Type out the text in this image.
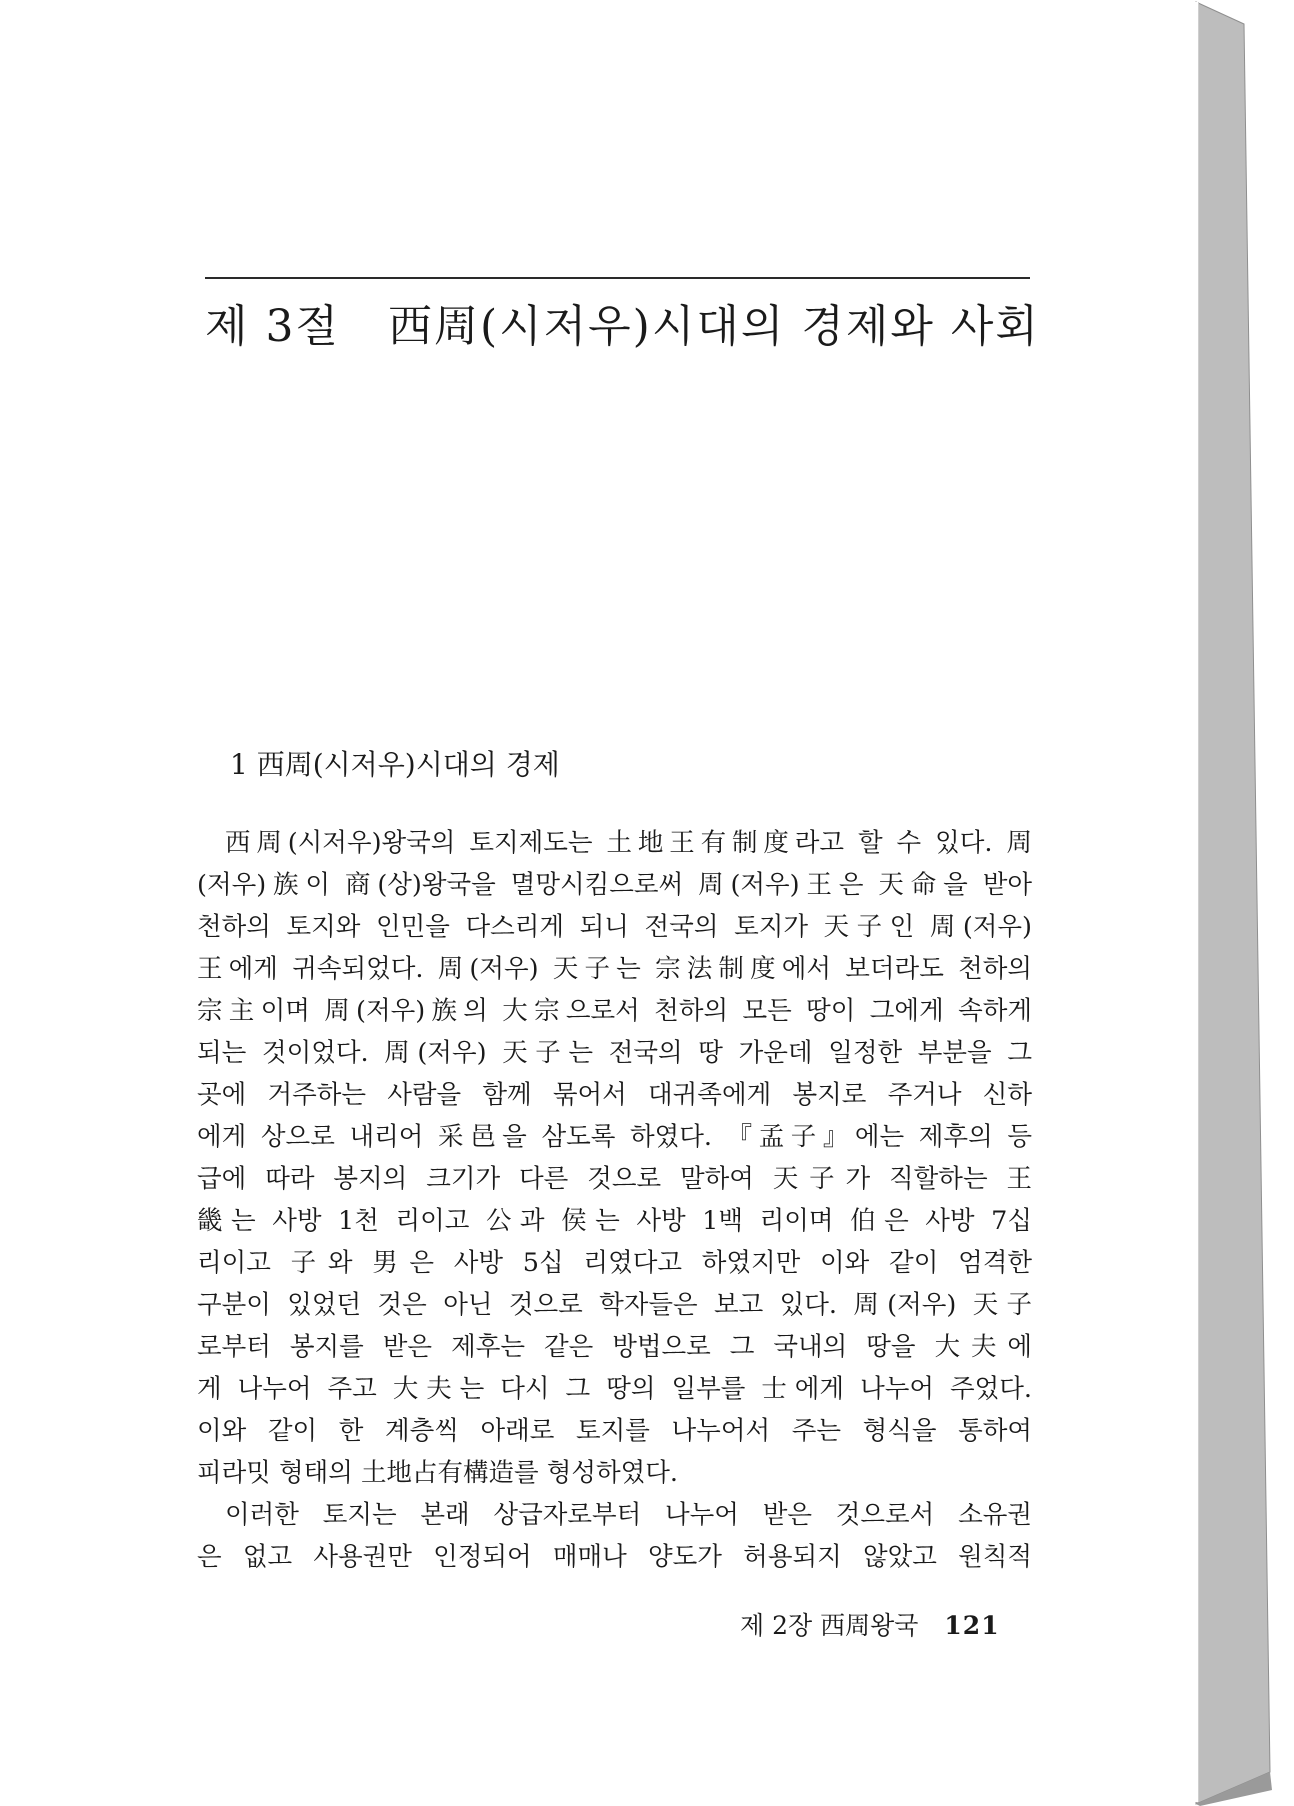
제 3절 西周(시저우)시대의 경제와 사회
1 西周(시저우)시대의 경제
西周(시저우)왕국의 토지제도는 土地王有制度라고 할 수 있다. 周
(저우)族이 商(상)왕국을 멸망시킴으로써 周(저우)王은 天命을 받아
천하의 토지와 인민을 다스리게 되니 전국의 토지가 天子인 周(저우)
王에게 귀속되었다. 周(저우) 天子는 宗法制度에서 보더라도 천하의
宗主이며 周(저우)族의 大宗으로서 천하의 모든 땅이 그에게 속하게
되는 것이었다. 周(저우) 天子는 전국의 땅 가운데 일정한 부분을 그
곳에 거주하는 사람을 함께 묶어서 대귀족에게 봉지로 주거나 신하
에게 상으로 내리어 采邑을 삼도록 하였다. 『孟子』에는 제후의 등
급에 따라 봉지의 크기가 다른 것으로 말하여 天子가 직할하는 王
畿는 사방 1천 리이고 公과 侯는 사방 1백 리이며 伯은 사방 7십
리이고 子와 男은 사방 5십 리였다고 하였지만 이와 같이 엄격한
구분이 있었던 것은 아닌 것으로 학자들은 보고 있다. 周(저우) 天子
로부터 봉지를 받은 제후는 같은 방법으로 그 국내의 땅을 大夫에
게 나누어 주고 大夫는 다시 그 땅의 일부를 士에게 나누어 주었다.
이와 같이 한 계층씩 아래로 토지를 나누어서 주는 형식을 통하여
피라밋 형태의 土地占有構造를 형성하였다.
이러한 토지는 본래 상급자로부터 나누어 받은 것으로서 소유권
은 없고 사용권만 인정되어 매매나 양도가 허용되지 않았고 원칙적
제 2장 西周왕국 121
